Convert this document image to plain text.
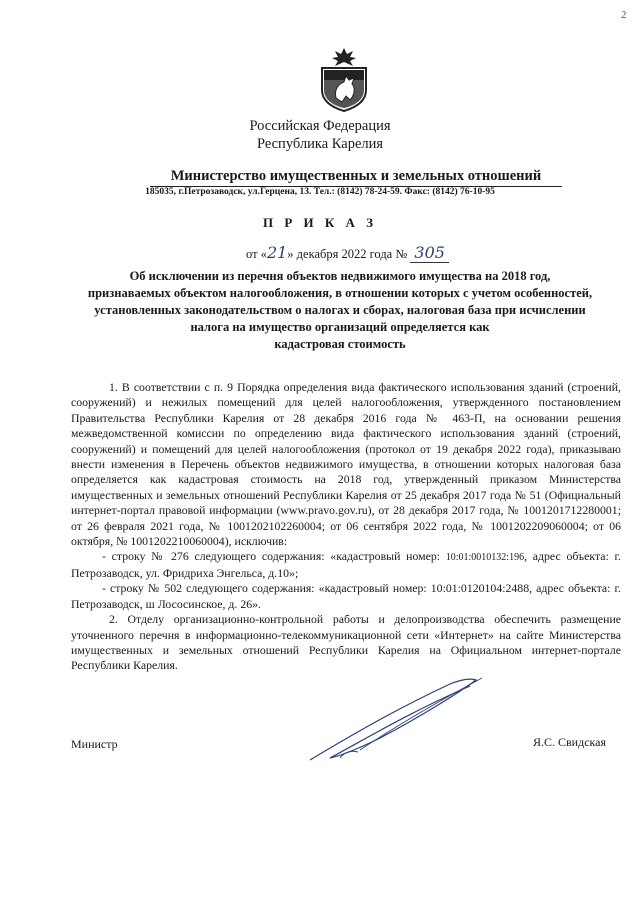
2
Российская Федерация
Республика Карелия
Министерство имущественных и земельных отношений
185035, г.Петрозаводск, ул.Герцена, 13. Тел.: (8142) 78-24-59. Факс: (8142) 76-10-95
П Р И К А З
от «21» декабря 2022 года № 305
Об исключении из перечня объектов недвижимого имущества на 2018 год,
признаваемых объектом налогообложения, в отношении которых с учетом особенностей,
установленных законодательством о налогах и сборах, налоговая база при исчислении
налога на имущество организаций определяется как
кадастровая стоимость

1. В соответствии с п. 9 Порядка определения вида фактического использования зданий (строений, сооружений) и нежилых помещений для целей налогообложения, утвержденного постановлением Правительства Республики Карелия от 28 декабря 2016 года № 463-П, на основании решения межведомственной комиссии по определению вида фактического использования зданий (строений, сооружений) и помещений для целей налогообложения (протокол от 19 декабря 2022 года), приказываю внести изменения в Перечень объектов недвижимого имущества, в отношении которых налоговая база определяется как кадастровая стоимость на 2018 год, утвержденный приказом Министерства имущественных и земельных отношений Республики Карелия от 25 декабря 2017 года № 51 (Официальный интернет-портал правовой информации (www.pravo.gov.ru), от 28 декабря 2017 года, № 1001201712280001; от 26 февраля 2021 года, № 1001202102260004; от 06 сентября 2022 года, № 1001202209060004; от 06 октября, № 1001202210060004), исключив:

- строку № 276 следующего содержания: «кадастровый номер: 10:01:0010132:196, адрес объекта: г. Петрозаводск, ул. Фридриха Энгельса, д.10»;

- строку № 502 следующего содержания: «кадастровый номер: 10:01:0120104:2488, адрес объекта: г. Петрозаводск, ш Лососинское, д. 26».

2. Отделу организационно-контрольной работы и делопроизводства обеспечить размещение уточненного перечня в информационно-телекоммуникационной сети «Интернет» на сайте Министерства имущественных и земельных отношений Республики Карелия на Официальном интернет-портале Республики Карелия.

Министр	Я.С. Свидская
